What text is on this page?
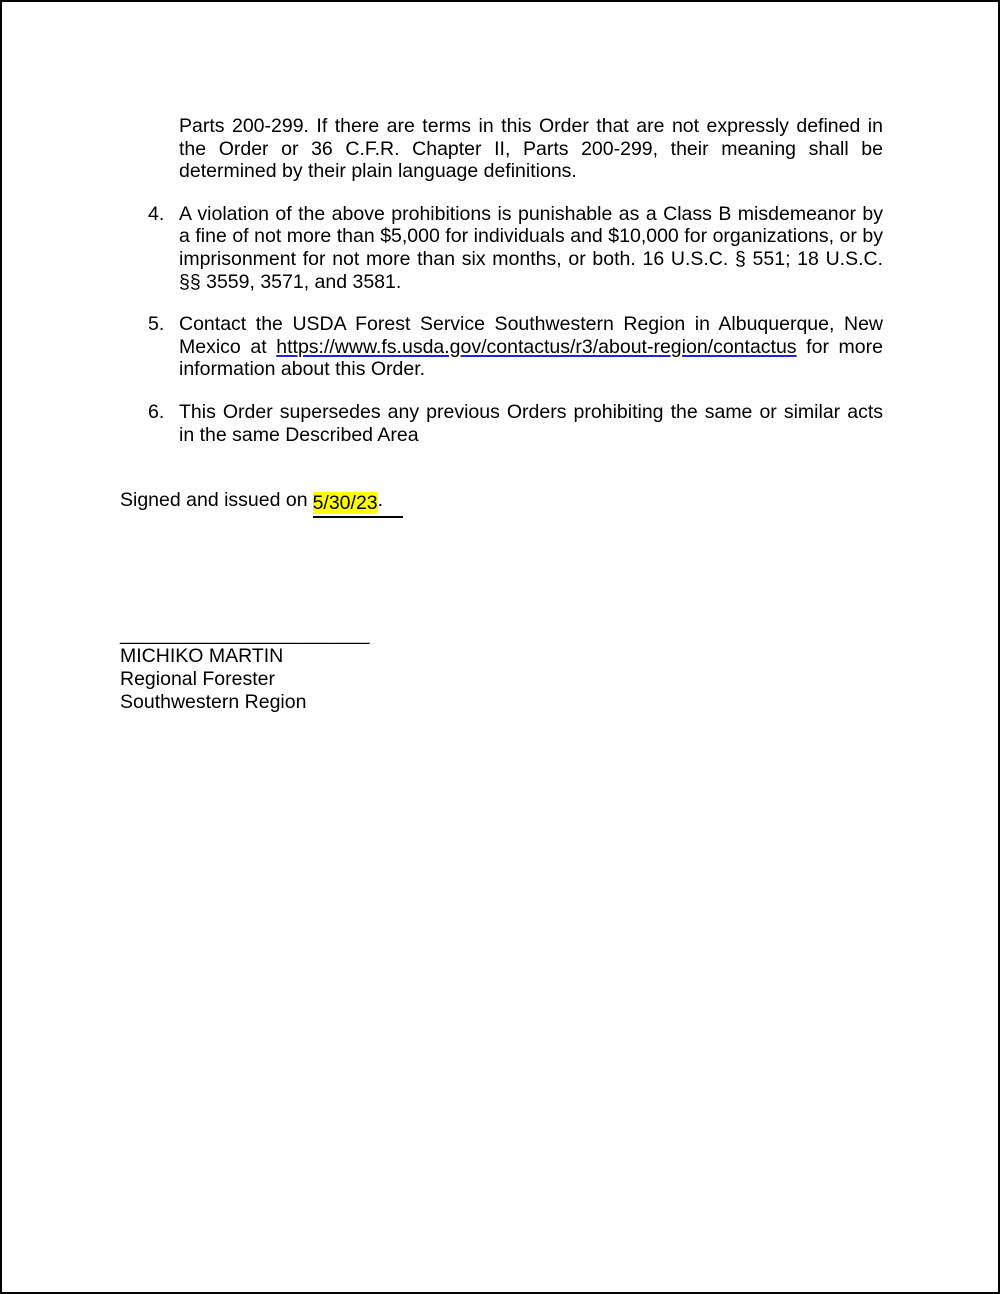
Parts 200-299. If there are terms in this Order that are not expressly defined in the Order or 36 C.F.R. Chapter II, Parts 200-299, their meaning shall be determined by their plain language definitions.

4. A violation of the above prohibitions is punishable as a Class B misdemeanor by a fine of not more than $5,000 for individuals and $10,000 for organizations, or by imprisonment for not more than six months, or both. 16 U.S.C. § 551; 18 U.S.C. §§ 3559, 3571, and 3581.
5. Contact the USDA Forest Service Southwestern Region in Albuquerque, New Mexico at https://www.fs.usda.gov/contactus/r3/about-region/contactus for more information about this Order.
6. This Order supersedes any previous Orders prohibiting the same or similar acts in the same Described Area

Signed and issued on 5/30/23.

_______________________
MICHIKO MARTIN
Regional Forester
Southwestern Region
